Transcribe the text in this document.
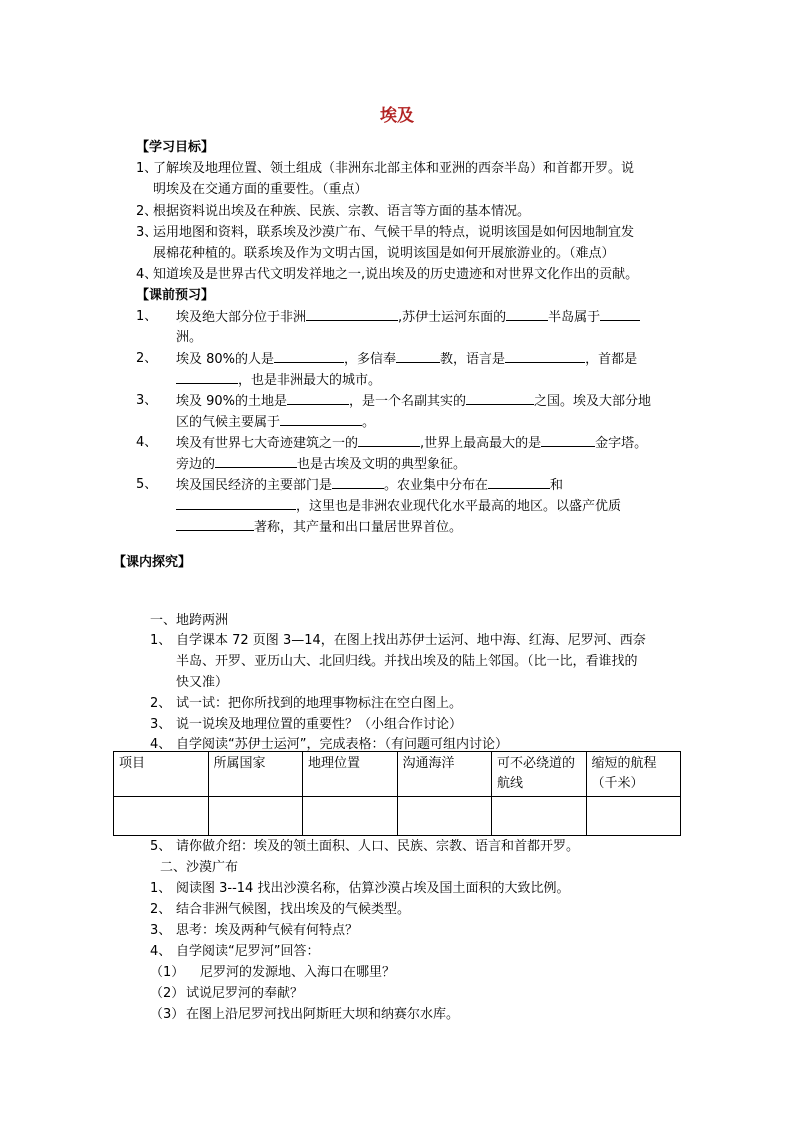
埃及
【学习目标】
1、
了解埃及地理位置、领土组成（非洲东北部主体和亚洲的西奈半岛）和首都开罗。说
明埃及在交通方面的重要性。（重点）
2、
根据资料说出埃及在种族、民族、宗教、语言等方面的基本情况。
3、
运用地图和资料，联系埃及沙漠广布、气候干旱的特点，说明该国是如何因地制宜发
展棉花种植的。联系埃及作为文明古国，说明该国是如何开展旅游业的。（难点）
4、
知道埃及是世界古代文明发祥地之一,说出埃及的历史遗迹和对世界文化作出的贡献。
【课前预习】
1、 埃及绝大部分位于非洲	,苏伊士运河东面的	半岛属于
洲。
2、 埃及 80%的人是	，多信奉	教，语言是	，首都是
，也是非洲最大的城市。
3、 埃及 90%的土地是	，是一个名副其实的	之国。埃及大部分地
区的气候主要属于	。
4、 埃及有世界七大奇迹建筑之一的	,世界上最高最大的是	金字塔。
旁边的	也是古埃及文明的典型象征。
5、 埃及国民经济的主要部门是	。农业集中分布在	和
，这里也是非洲农业现代化水平最高的地区。以盛产优质
著称，其产量和出口量居世界首位。
【课内探究】
一、地跨两洲
1、 自学课本 72 页图 3—14，在图上找出苏伊士运河、地中海、红海、尼罗河、西奈
半岛、开罗、亚历山大、北回归线。并找出埃及的陆上邻国。（比一比，看谁找的
快又准）
2、 试一试：把你所找到的地理事物标注在空白图上。
3、 说一说埃及地理位置的重要性？（小组合作讨论）
4、 自学阅读“苏伊士运河”，完成表格：（有问题可组内讨论）
项目	所属国家	地理位置	沟通海洋	可不必绕道的航线	缩短的航程（千米）

5、 请你做介绍：埃及的领土面积、人口、民族、宗教、语言和首都开罗。
二、沙漠广布
1、 阅读图 3--14 找出沙漠名称，估算沙漠占埃及国土面积的大致比例。
2、 结合非洲气候图，找出埃及的气候类型。
3、 思考：埃及两种气候有何特点？
4、 自学阅读“尼罗河”回答：
（1） 尼罗河的发源地、入海口在哪里？
（2） 试说尼罗河的奉献？
（3） 在图上沿尼罗河找出阿斯旺大坝和纳赛尔水库。
